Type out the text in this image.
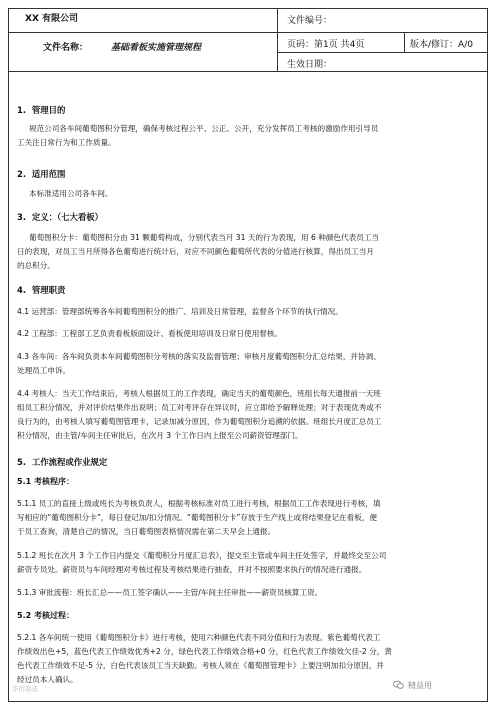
XX 有限公司
文件名称：	基础看板实施管理规程
文件编号：
页码：第1页 共4页	版本/修订：A/0
生效日期：
1. 管理目的
规范公司各车间葡萄图积分管理，确保考核过程公平、公正、公开，充分发挥员工考核的激励作用引导员
工关注日常行为和工作质量。
2. 适用范围
本标准适用公司各车间。
3. 定义：（七大看板）
葡萄图积分卡：葡萄图积分由 31 颗葡萄构成，分别代表当月 31 天的行为表现，用 6 种颜色代表员工当
日的表现，对员工当月所得各色葡萄进行统计后，对应不同颜色葡萄所代表的分值进行核算，得出员工当月
的总积分。
4. 管理职责
4.1 运营部：管理部统筹各车间葡萄图积分的推广、培训及日常管理，监督各个环节的执行情况。
4.2 工程部：工程部工艺负责看板版面设计、看板使用培训及日常日使用督核。
4.3 各车间：各车间负责本车间葡萄图积分考核的落实及监督管理；审核月度葡萄图积分汇总结果，并协调、
处理员工申诉。
4.4 考核人：当天工作结束后，考核人根据员工的工作表现，确定当天的葡萄颜色，班组长每天通报前一天班
组员工积分情况，并对评价结果作出说明；员工对考评存在异议时，应立即给予解释处理；对于表现优秀或不
良行为的，由考核人填写葡萄图管理卡，记录加减分原因，作为葡萄图积分追溯的依据。班组长月度汇总员工
积分情况，由主管/车间主任审批后，在次月 3 个工作日内上报至公司薪资管理部门。
5. 工作流程或作业规定
5.1 考核程序：
5.1.1 员工的直接上级或班长为考核负责人，根据考核标准对员工进行考核，根据员工工作表现进行考核，填
写相应的“葡萄图积分卡”，每日登记加/扣分情况。“葡萄图积分卡”存放于生产线上或将结果登记在看板，便
于员工查询，清楚自己的情况，当日葡萄图表格情况需在第二天早会上通报。
5.1.2 班长在次月 3 个工作日内提交《葡萄积分月度汇总表》，提交至主管或车间主任处签字，并最终交至公司
薪资专员处。薪资员与车间经理对考核过程及考核结果进行抽查，并对不按照要求执行的情况进行通报。
5.1.3 审批流程：班长汇总——员工签字确认——主管/车间主任审批——薪资员核算工资。
5.2 考核过程：
5.2.1 各车间统一使用《葡萄图积分卡》进行考核，使用六种颜色代表不同分值和行为表现。紫色葡萄代表工
作绩效出色+5，蓝色代表工作绩效优秀+2 分，绿色代表工作绩效合格+0 分，红色代表工作绩效欠佳-2 分，黄
色代表工作绩效不足-5 分，白色代表该员工当天缺勤。考核人须在《葡萄图管理卡》上要注明加扣分原因，并
经过员本人确认。
精益用
华侨制造
